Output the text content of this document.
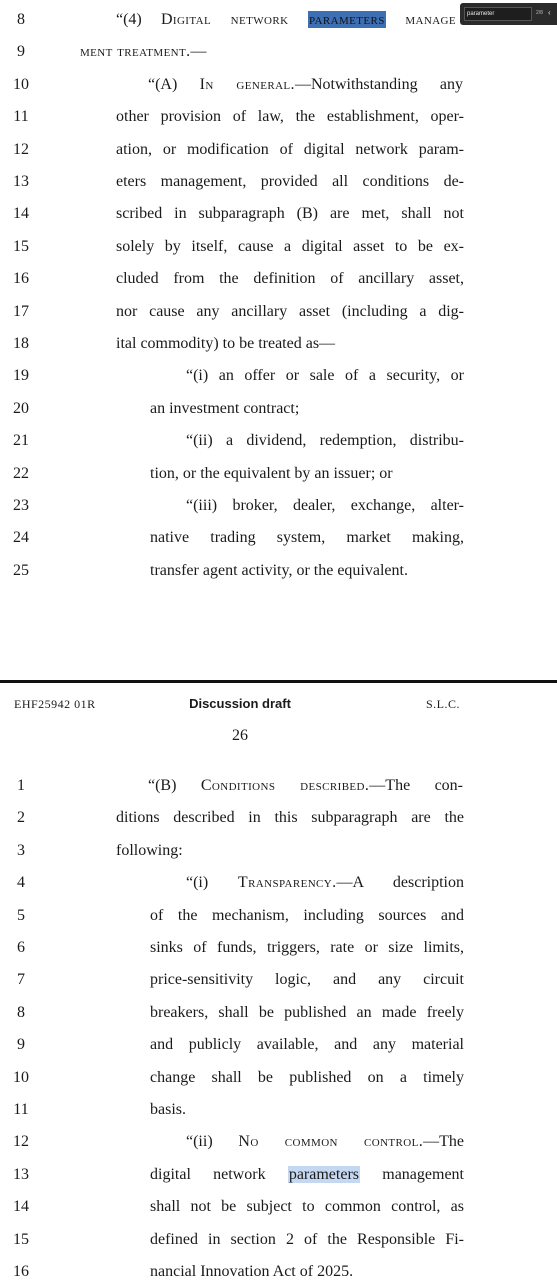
8	“(4) Digital network parameters manage
9	ment treatment.—
10	“(A) In general.—Notwithstanding any
11	other provision of law, the establishment, oper-
12	ation, or modification of digital network param-
13	eters management, provided all conditions de-
14	scribed in subparagraph (B) are met, shall not
15	solely by itself, cause a digital asset to be ex-
16	cluded from the definition of ancillary asset,
17	nor cause any ancillary asset (including a dig-
18	ital commodity) to be treated as—
19	“(i) an offer or sale of a security, or
20	an investment contract;
21	“(ii) a dividend, redemption, distribu-
22	tion, or the equivalent by an issuer; or
23	“(iii) broker, dealer, exchange, alter-
24	native trading system, market making,
25	transfer agent activity, or the equivalent.
EHF25942 01R	Discussion draft	S.L.C.
26
1	“(B) Conditions described.—The con-
2	ditions described in this subparagraph are the
3	following:
4	“(i) Transparency.—A description
5	of the mechanism, including sources and
6	sinks of funds, triggers, rate or size limits,
7	price-sensitivity logic, and any circuit
8	breakers, shall be published an made freely
9	and publicly available, and any material
10	change shall be published on a timely
11	basis.
12	“(ii) No common control.—The
13	digital network parameters management
14	shall not be subject to common control, as
15	defined in section 2 of the Responsible Fi-
16	nancial Innovation Act of 2025.
parameter
2/8 ‹
